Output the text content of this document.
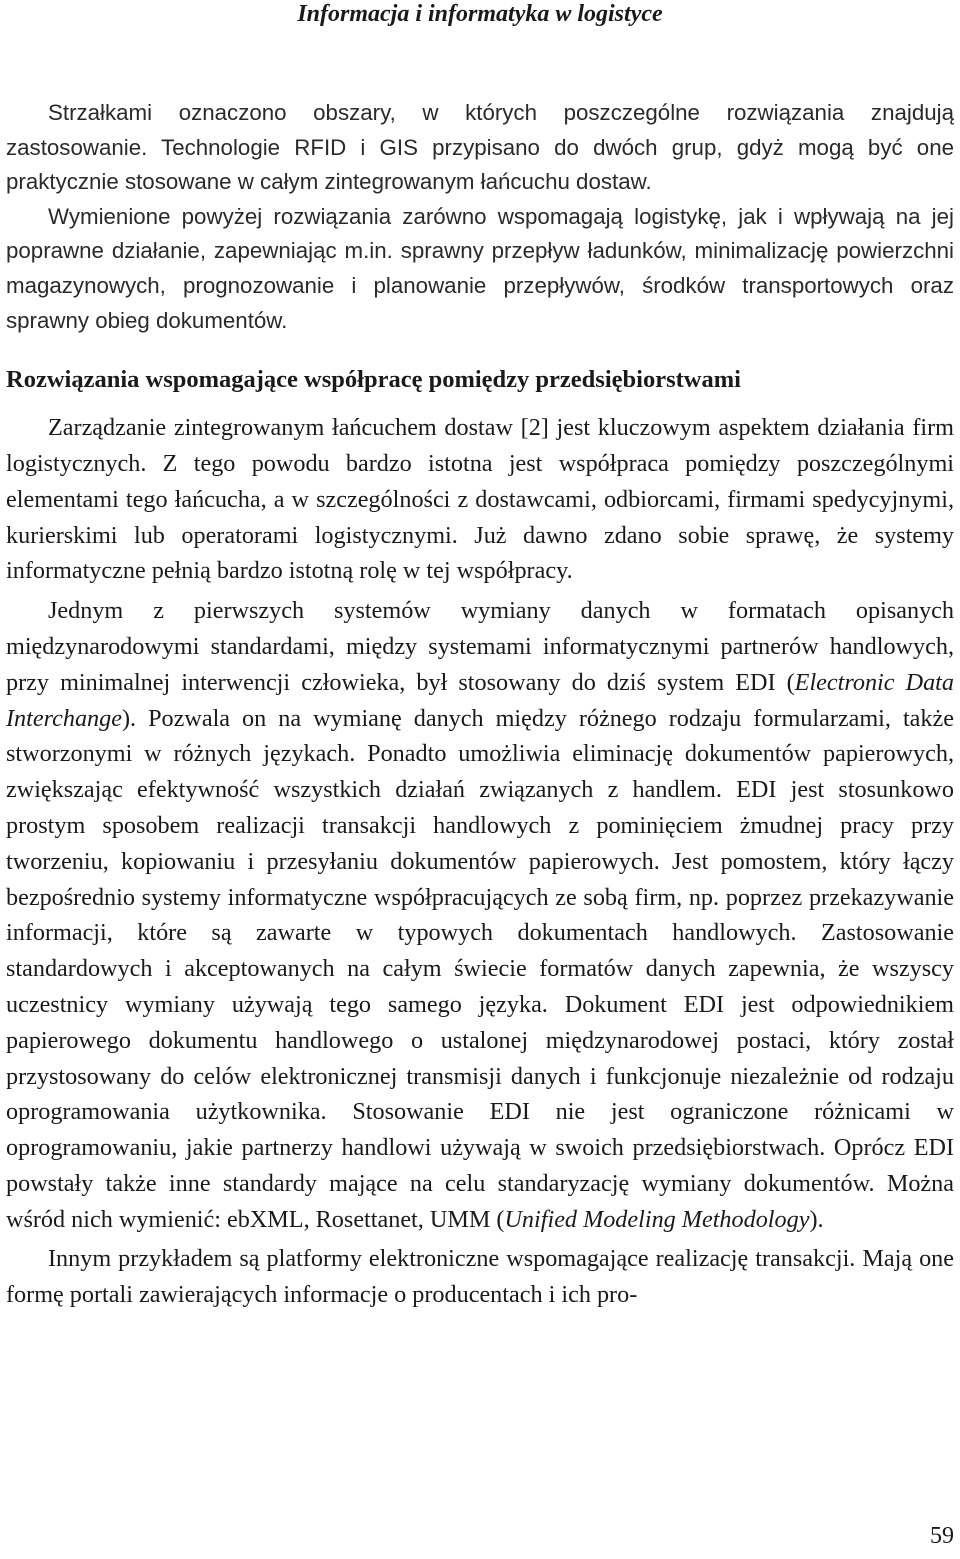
Informacja i informatyka w logistyce

Strzałkami oznaczono obszary, w których poszczególne rozwiązania znajdują zastosowanie. Technologie RFID i GIS przypisano do dwóch grup, gdyż mogą być one praktycznie stosowane w całym zintegrowanym łańcuchu dostaw.

Wymienione powyżej rozwiązania zarówno wspomagają logistykę, jak i wpływają na jej poprawne działanie, zapewniając m.in. sprawny przepływ ładunków, minimalizację powierzchni magazynowych, prognozowanie i planowanie przepływów, środków transportowych oraz sprawny obieg dokumentów.

Rozwiązania wspomagające współpracę pomiędzy przedsiębiorstwami

Zarządzanie zintegrowanym łańcuchem dostaw [2] jest kluczowym aspektem działania firm logistycznych. Z tego powodu bardzo istotna jest współpraca pomiędzy poszczególnymi elementami tego łańcucha, a w szczególności z dostawcami, odbiorcami, firmami spedycyjnymi, kurierskimi lub operatorami logistycznymi. Już dawno zdano sobie sprawę, że systemy informatyczne pełnią bardzo istotną rolę w tej współpracy.

Jednym z pierwszych systemów wymiany danych w formatach opisanych międzynarodowymi standardami, między systemami informatycznymi partnerów handlowych, przy minimalnej interwencji człowieka, był stosowany do dziś system EDI (Electronic Data Interchange). Pozwala on na wymianę danych między różnego rodzaju formularzami, także stworzonymi w różnych językach. Ponadto umożliwia eliminację dokumentów papierowych, zwiększając efektywność wszystkich działań związanych z handlem. EDI jest stosunkowo prostym sposobem realizacji transakcji handlowych z pominięciem żmudnej pracy przy tworzeniu, kopiowaniu i przesyłaniu dokumentów papierowych. Jest pomostem, który łączy bezpośrednio systemy informatyczne współpracujących ze sobą firm, np. poprzez przekazywanie informacji, które są zawarte w typowych dokumentach handlowych. Zastosowanie standardowych i akceptowanych na całym świecie formatów danych zapewnia, że wszyscy uczestnicy wymiany używają tego samego języka. Dokument EDI jest odpowiednikiem papierowego dokumentu handlowego o ustalonej międzynarodowej postaci, który został przystosowany do celów elektronicznej transmisji danych i funkcjonuje niezależnie od rodzaju oprogramowania użytkownika. Stosowanie EDI nie jest ograniczone różnicami w oprogramowaniu, jakie partnerzy handlowi używają w swoich przedsiębiorstwach. Oprócz EDI powstały także inne standardy mające na celu standaryzację wymiany dokumentów. Można wśród nich wymienić: ebXML, Rosettanet, UMM (Unified Modeling Methodology).

Innym przykładem są platformy elektroniczne wspomagające realizację transakcji. Mają one formę portali zawierających informacje o producentach i ich pro-

59
